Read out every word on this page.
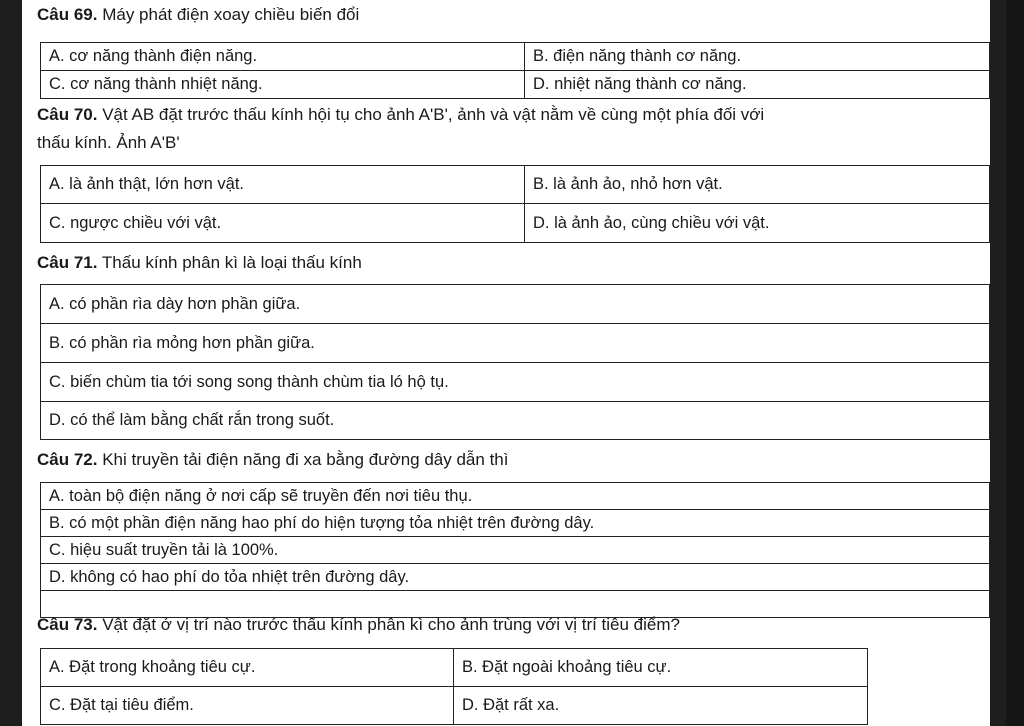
Câu 69. Máy phát điện xoay chiều biến đổi
A. cơ năng thành điện năng.	B. điện năng thành cơ năng.
C. cơ năng thành nhiệt năng.	D. nhiệt năng thành cơ năng.
Câu 70. Vật AB đặt trước thấu kính hội tụ cho ảnh A'B', ảnh và vật nằm về cùng một phía đối với
thấu kính. Ảnh A'B'
A. là ảnh thật, lớn hơn vật.	B. là ảnh ảo, nhỏ hơn vật.
C. ngược chiều với vật.	D. là ảnh ảo, cùng chiều với vật.
Câu 71. Thấu kính phân kì là loại thấu kính
A. có phần rìa dày hơn phần giữa.
B. có phần rìa mỏng hơn phần giữa.
C. biến chùm tia tới song song thành chùm tia ló hộ tụ.
D. có thể làm bằng chất rắn trong suốt.
Câu 72. Khi truyền tải điện năng đi xa bằng đường dây dẫn thì
A. toàn bộ điện năng ở nơi cấp sẽ truyền đến nơi tiêu thụ.
B. có một phần điện năng hao phí do hiện tượng tỏa nhiệt trên đường dây.
C. hiệu suất truyền tải là 100%.
D. không có hao phí do tỏa nhiệt trên đường dây.

Câu 73. Vật đặt ở vị trí nào trước thấu kính phân kì cho ảnh trùng với vị trí tiêu điểm?
A. Đặt trong khoảng tiêu cự.	B. Đặt ngoài khoảng tiêu cự.
C. Đặt tại tiêu điểm.	D. Đặt rất xa.
